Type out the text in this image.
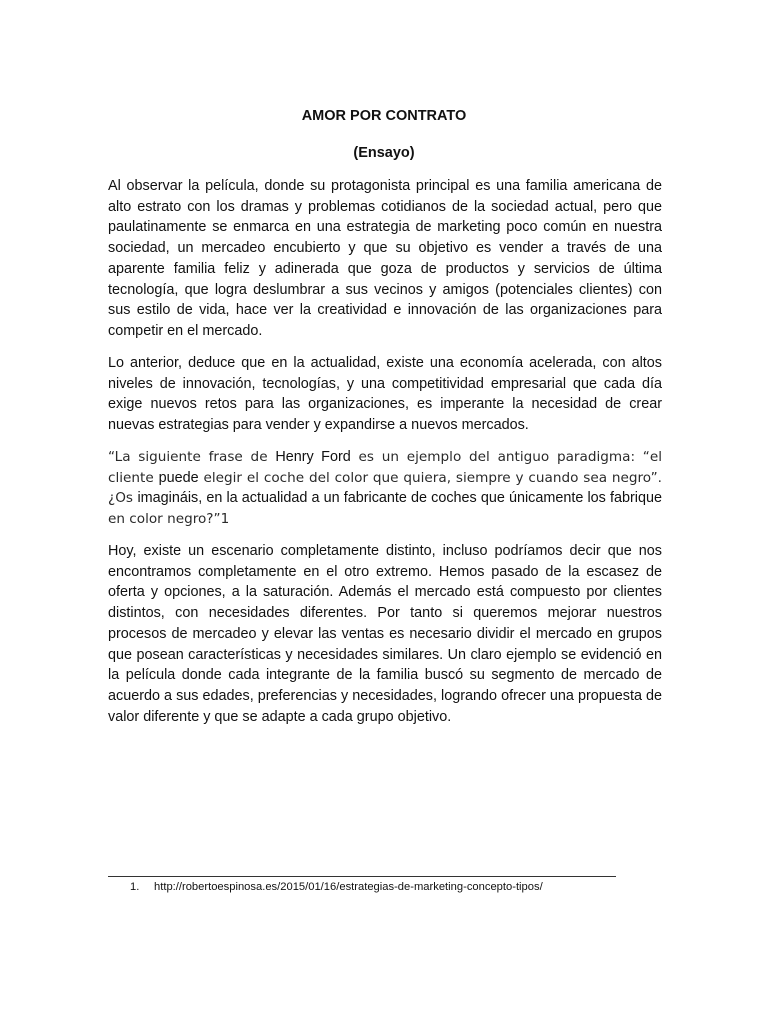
AMOR POR CONTRATO
(Ensayo)

Al observar la película, donde su protagonista principal es una familia americana de alto estrato con los dramas y problemas cotidianos de la sociedad actual, pero que paulatinamente se enmarca en una estrategia de marketing poco común en nuestra sociedad, un mercadeo encubierto y que su objetivo es vender a través de una aparente familia feliz y adinerada que goza de productos y servicios de última tecnología, que logra deslumbrar a sus vecinos y amigos (potenciales clientes) con sus estilo de vida, hace ver la creatividad e innovación de las organizaciones para competir en el mercado.

Lo anterior, deduce que en la actualidad, existe una economía acelerada, con altos niveles de innovación, tecnologías, y una competitividad empresarial que cada día exige nuevos retos para las organizaciones, es imperante la necesidad de crear nuevas estrategias para vender y expandirse a nuevos mercados.

“La siguiente frase de Henry Ford es un ejemplo del antiguo paradigma: “el cliente puede elegir el coche del color que quiera, siempre y cuando sea negro”. ¿Os imagináis, en la actualidad a un fabricante de coches que únicamente los fabrique en color negro?”1

Hoy, existe un escenario completamente distinto, incluso podríamos decir que nos encontramos completamente en el otro extremo. Hemos pasado de la escasez de oferta y opciones, a la saturación. Además el mercado está compuesto por clientes distintos, con necesidades diferentes. Por tanto si queremos mejorar nuestros procesos de mercadeo y elevar las ventas es necesario dividir el mercado en grupos que posean características y necesidades similares. Un claro ejemplo se evidenció en la película donde cada integrante de la familia buscó su segmento de mercado de acuerdo a sus edades, preferencias y necesidades, logrando ofrecer una propuesta de valor diferente y que se adapte a cada grupo objetivo.

1. http://robertoespinosa.es/2015/01/16/estrategias-de-marketing-concepto-tipos/
